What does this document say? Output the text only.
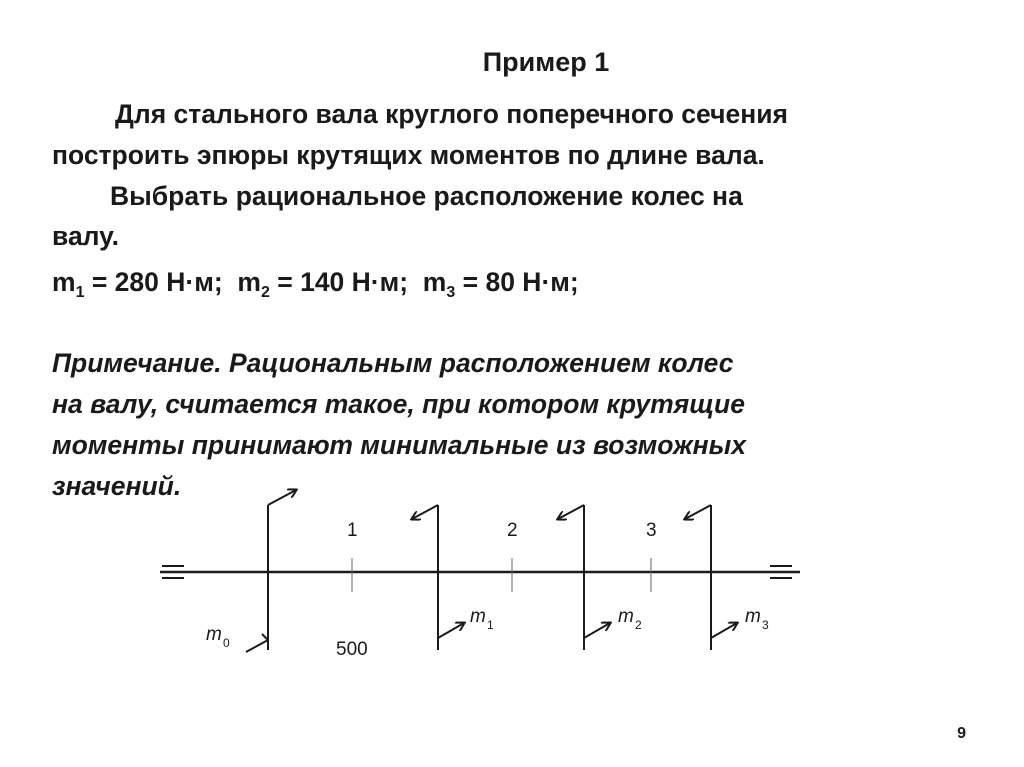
Пример 1
Для стального вала круглого поперечного сечения
построить эпюры крутящих моментов по длине вала.
Выбрать рациональное расположение колес на
валу.
$m_1 = 280$ Н·м;  $m_2 = 140$ Н·м;  $m_3 = 80$ Н·м;
Примечание. Рациональным расположением колес
на валу, считается такое, при котором крутящие
моменты принимают минимальные из возможных
значений.
1	2	3
m 0
m 1	m 2	m 3
500
9
